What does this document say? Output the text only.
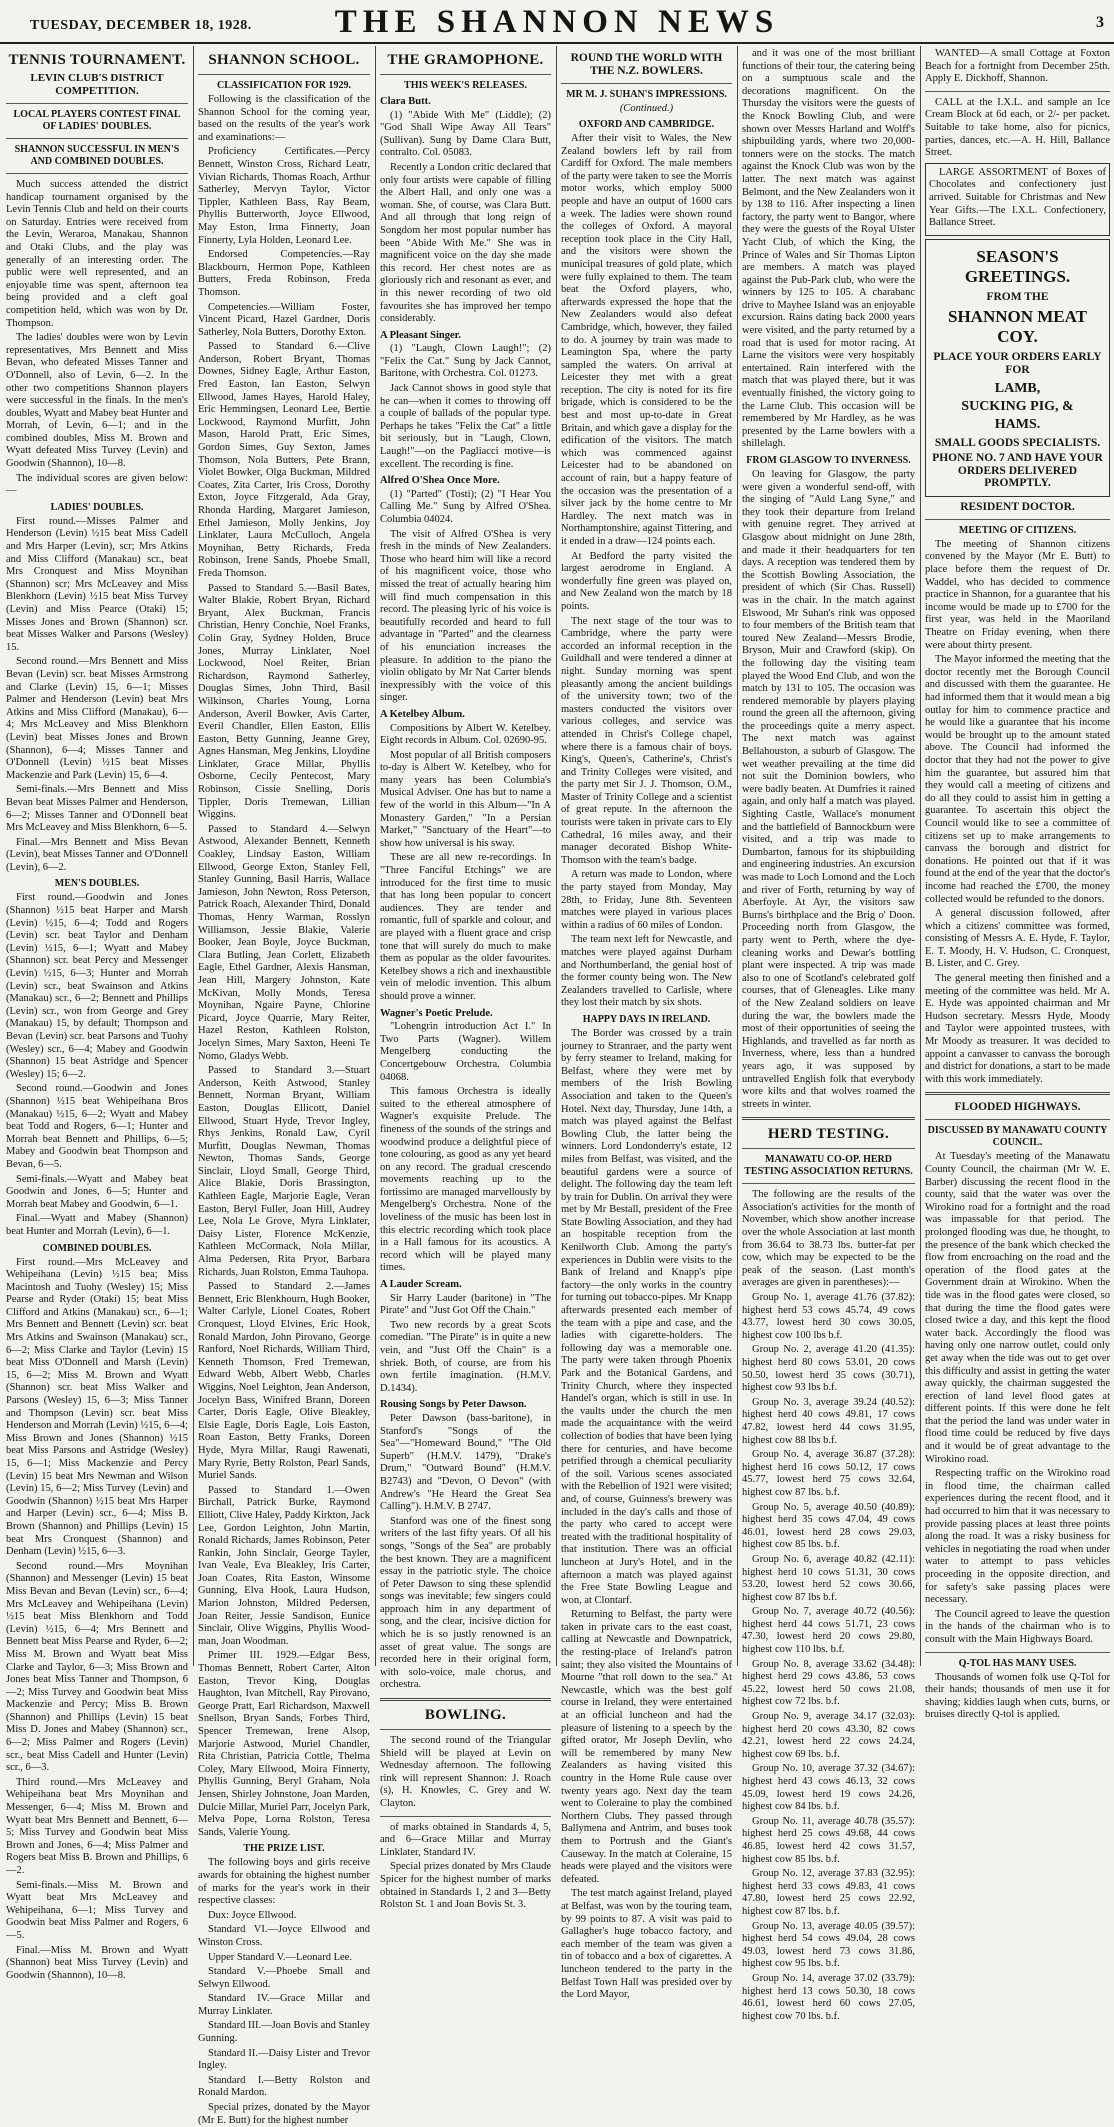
TUESDAY, DECEMBER 18, 1928.	THE SHANNON NEWS	3
TENNIS TOURNAMENT.
LEVIN CLUB'S DISTRICT COMPETITION.
LOCAL PLAYERS CONTEST FINAL OF LADIES' DOUBLES.
SHANNON SUCCESSFUL IN MEN'S AND COMBINED DOUBLES.

Much success attended the district handicap tournament organised by the Levin Tennis Club and held on their courts on Saturday. Entries were received from the Levin, Weraroa, Manakau, Shannon and Otaki Clubs, and the play was generally of an interesting order. The public were well represented, and an enjoyable time was spent, afternoon tea being provided and a cleft goal competition held, which was won by Dr. Thompson.

The ladies' doubles were won by Levin representatives, Mrs Bennett and Miss Bevan, who defeated Misses Tanner and O'Donnell, also of Levin, 6—2. In the other two competitions Shannon players were successful in the finals. In the men's doubles, Wyatt and Mabey beat Hunter and Morrah, of Levin, 6—1; and in the combined doubles, Miss M. Brown and Wyatt defeated Miss Turvey (Levin) and Goodwin (Shannon), 10—8.

The individual scores are given below:—

LADIES' DOUBLES.

First round.—Misses Palmer and Henderson (Levin) ½15 beat Miss Cadell and Mrs Harper (Levin), scr; Mrs Atkins and Miss Clifford (Manakau) scr., beat Mrs Cronquest and Miss Moynihan (Shannon) scr; Mrs McLeavey and Miss Blenkhorn (Levin) ½15 beat Miss Turvey (Levin) and Miss Pearce (Otaki) 15; Misses Jones and Brown (Shannon) scr. beat Misses Walker and Parsons (Wesley) 15.

Second round.—Mrs Bennett and Miss Bevan (Levin) scr. beat Misses Armstrong and Clarke (Levin) 15, 6—1; Misses Palmer and Henderson (Levin) beat Mrs Atkins and Miss Clifford (Manakau), 6—4; Mrs McLeavey and Miss Blenkhorn (Levin) beat Misses Jones and Brown (Shannon), 6—4; Misses Tanner and O'Donnell (Levin) ½15 beat Misses Mackenzie and Park (Levin) 15, 6—4.

Semi-finals.—Mrs Bennett and Miss Bevan beat Misses Palmer and Henderson, 6—2; Misses Tanner and O'Donnell beat Mrs McLeavey and Miss Blenkhorn, 6—5.

Final.—Mrs Bennett and Miss Bevan (Levin), beat Misses Tanner and O'Donnell (Levin), 6—2.

MEN'S DOUBLES.

First round.—Goodwin and Jones (Shannon) ½15 beat Harper and Marsh (Levin) ½15, 6—4; Todd and Rogers (Levin) scr. beat Taylor and Denham (Levin) ½15, 6—1; Wyatt and Mabey (Shannon) scr. beat Percy and Messenger (Levin) ½15, 6—3; Hunter and Morrah (Levin) scr., beat Swainson and Atkins (Manakau) scr., 6—2; Bennett and Phillips (Levin) scr., won from George and Grey (Manakau) 15, by default; Thompson and Bevan (Levin) scr. beat Parsons and Tuohy (Wesley) scr., 6—4; Mabey and Goodwin (Shannon) 15 beat Astridge and Spencer (Wesley) 15; 6—2.

Second round.—Goodwin and Jones (Shannon) ½15 beat Wehipeihana Bros (Manakau) ½15, 6—2; Wyatt and Mabey beat Todd and Rogers, 6—1; Hunter and Morrah beat Bennett and Phillips, 6—5; Mabey and Goodwin beat Thompson and Bevan, 6—5.

Semi-finals.—Wyatt and Mabey beat Goodwin and Jones, 6—5; Hunter and Morrah beat Mabey and Goodwin, 6—1.

Final.—Wyatt and Mabey (Shannon) beat Hunter and Morrah (Levin), 6—1.

COMBINED DOUBLES.

First round.—Mrs McLeavey and Wehipeihana (Levin) ½15 bea; Miss Macintosh and Tuohy (Wesley) 15; Miss Pearse and Ryder (Otaki) 15; beat Miss Clifford and Atkins (Manakau) scr., 6—1; Mrs Bennett and Bennett (Levin) scr. beat Mrs Atkins and Swainson (Manakau) scr., 6—2; Miss Clarke and Taylor (Levin) 15 beat Miss O'Donnell and Marsh (Levin) 15, 6—2; Miss M. Brown and Wyatt (Shannon) scr. beat Miss Walker and Parsons (Wesley) 15, 6—3; Miss Tanner and Thompson (Levin) scr. beat Miss Henderson and Morrah (Levin) ½15, 6—4; Miss Brown and Jones (Shannon) ½15 beat Miss Parsons and Astridge (Wesley) 15, 6—1; Miss Mackenzie and Percy (Levin) 15 beat Mrs Newman and Wilson (Levin) 15, 6—2; Miss Turvey (Levin) and Goodwin (Shannon) ½15 beat Mrs Harper and Harper (Levin) scr., 6—4; Miss B. Brown (Shannon) and Phillips (Levin) 15 beat Mrs Cronquest (Shannon) and Denham (Levin) ½15, 6—3.

Second round.—Mrs Moynihan (Shannon) and Messenger (Levin) 15 beat Miss Bevan and Bevan (Levin) scr., 6—4; Mrs McLeavey and Wehipeihana (Levin) ½15 beat Miss Blenkhorn and Todd (Levin) ½15, 6—4; Mrs Bennett and Bennett beat Miss Pearse and Ryder, 6—2; Miss M. Brown and Wyatt beat Miss Clarke and Taylor, 6—3; Miss Brown and Jones beat Miss Tanner and Thompson, 6—2; Miss Turvey and Goodwin beat Miss Mackenzie and Percy; Miss B. Brown (Shannon) and Phillips (Levin) 15 beat Miss D. Jones and Mabey (Shannon) scr., 6—2; Miss Palmer and Rogers (Levin) scr., beat Miss Cadell and Hunter (Levin) scr., 6—3.

Third round.—Mrs McLeavey and Wehipeihana beat Mrs Moynihan and Messenger, 6—4; Miss M. Brown and Wyatt beat Mrs Bennett and Bennett, 6—5; Miss Turvey and Goodwin beat Miss Brown and Jones, 6—4; Miss Palmer and Rogers beat Miss B. Brown and Phillips, 6—2.

Semi-finals.—Miss M. Brown and Wyatt beat Mrs McLeavey and Wehipeihana, 6—1; Miss Turvey and Goodwin beat Miss Palmer and Rogers, 6—5.

Final.—Miss M. Brown and Wyatt (Shannon) beat Miss Turvey (Levin) and Goodwin (Shannon), 10—8.

SHANNON SCHOOL.
CLASSIFICATION FOR 1929.

Following is the classification of the Shannon School for the coming year, based on the results of the year's work and examinations:—

Proficiency Certificates.—Percy Bennett, Winston Cross, Richard Leatr, Vivian Richards, Thomas Roach, Arthur Satherley, Mervyn Taylor, Victor Tippler, Kathleen Bass, Ray Beam, Phyllis Butterworth, Joyce Ellwood, May Eston, Irma Finnerty, Joan Finnerty, Lyla Holden, Leonard Lee.

Endorsed Competencies.—Ray Blackbourn, Hermon Pope, Kathleen Butters, Freda Robinson, Freda Thomson.

Competencies.—William Foster, Vincent Picard, Hazel Gardner, Doris Satherley, Nola Butters, Dorothy Exton.

Passed to Standard 6.—Clive Anderson, Robert Bryant, Thomas Downes, Sidney Eagle, Arthur Easton, Fred Easton, Ian Easton, Selwyn Ellwood, James Hayes, Harold Haley, Eric Hemmingsen, Leonard Lee, Bertie Lockwood, Raymond Murfitt, John Mason, Harold Pratt, Eric Simes, Gordon Simes, Guy Sexton, James Thomson, Nola Butters, Pete Brann, Violet Bowker, Olga Buckman, Mildred Coates, Zita Carter, Iris Cross, Dorothy Exton, Joyce Fitzgerald, Ada Gray, Rhonda Harding, Margaret Jamieson, Ethel Jamieson, Molly Jenkins, Joy Linklater, Laura McCulloch, Angela Moynihan, Betty Richards, Freda Robinson, Irene Sands, Phoebe Small, Freda Thomson.

Passed to Standard 5.—Basil Bates, Walter Blakie, Robert Bryan, Richard Bryant, Alex Buckman, Francis Christian, Henry Conchie, Noel Franks, Colin Gray, Sydney Holden, Bruce Jones, Murray Linklater, Noel Lockwood, Noel Reiter, Brian Richardson, Raymond Satherley, Douglas Simes, John Third, Basil Wilkinson, Charles Young, Lorna Anderson, Averil Bowker, Avis Carter, Everil Chandler, Ellen Easton, Ellis Easton, Betty Gunning, Jeanne Grey, Agnes Hansman, Meg Jenkins, Lloydine Linklater, Grace Millar, Phyllis Osborne, Cecily Pentecost, Mary Robinson, Cissie Snelling, Doris Tippler, Doris Tremewan, Lillian Wiggins.

Passed to Standard 4.—Selwyn Astwood, Alexander Bennett, Kenneth Coakley, Lindsay Easton, William Ellwood, George Exton, Stanley Fell, Stanley Gunning, Basil Harris, Wallace Jamieson, John Newton, Ross Peterson, Patrick Roach, Alexander Third, Donald Thomas, Henry Warman, Rosslyn Williamson, Jessie Blakie, Valerie Booker, Jean Boyle, Joyce Buckman, Clara Butling, Jean Corlett, Elizabeth Eagle, Ethel Gardner, Alexis Hansman, Jean Hill, Margery Johnston, Kate McKivan, Molly Monds, Teresa Moynihan, Ngaire Payne, Chlorine Picard, Joyce Quarrie, Mary Reiter, Hazel Reston, Kathleen Rolston, Jocelyn Simes, Mary Saxton, Heeni Te Nomo, Gladys Webb.

Passed to Standard 3.—Stuart Anderson, Keith Astwood, Stanley Bennett, Norman Bryant, William Easton, Douglas Ellicott, Daniel Ellwood, Stuart Hyde, Trevor Ingley, Rhys Jenkins, Ronald Law, Cyril Murfitt, Douglas Newman, Thomas Newton, Thomas Sands, George Sinclair, Lloyd Small, George Third, Alice Blakie, Doris Brassington, Kathleen Eagle, Marjorie Eagle, Veran Easton, Beryl Fuller, Joan Hill, Audrey Lee, Nola Le Grove, Myra Linklater, Daisy Lister, Florence McKenzie, Kathleen McCormack, Nola Millar, Alma Pedersen, Rita Pryor, Barbara Richards, Juan Rolston, Emma Tauhopa.

Passed to Standard 2.—James Bennett, Eric Blenkhourn, Hugh Booker, Walter Carlyle, Lionel Coates, Robert Cronquest, Lloyd Elvines, Eric Hook, Ronald Mardon, John Pirovano, George Ranford, Noel Richards, William Third, Kenneth Thomson, Fred Tremewan, Edward Webb, Albert Webb, Charles Wiggins, Noel Leighton, Jean Anderson, Jocelyn Bass, Winifred Brann, Doreen Carter, Doris Eagle, Olive Bleakley, Elsie Eagle, Doris Eagle, Lois Easton, Roan Easton, Betty Franks, Doreen Hyde, Myra Millar, Raugi Rawenati, Mary Ryrie, Betty Rolston, Pearl Sands, Muriel Sands.

Passed to Standard 1.—Owen Birchall, Patrick Burke, Raymond Elliott, Clive Haley, Paddy Kirkton, Jack Lee, Gordon Leighton, John Martin, Ronald Richards, James Robinson, Peter Rankin, John Sinclair, George Tayler, Ivan Veale, Eva Bleakley, Iris Carter, Joan Coates, Rita Easton, Winsome Gunning, Elva Hook, Laura Hudson, Marion Johnston, Mildred Pedersen, Joan Reiter, Jessie Sandison, Eunice Sinclair, Olive Wiggins, Phyllis Wood-man, Joan Woodman.

Primer III. 1929.—Edgar Bess, Thomas Bennett, Robert Carter, Alton Easton, Trevor King, Douglas Haughton, Ivan Mitchell, Ray Pirovano, George Pratt, Earl Richardson, Maxwell Snellson, Bryan Sands, Forbes Third, Spencer Tremewan, Irene Alsop, Marjorie Astwood, Muriel Chandler, Rita Christian, Patricia Cottle, Thelma Coley, Mary Ellwood, Moira Finnerty, Phyllis Gunning, Beryl Graham, Nola Jensen, Shirley Johnstone, Joan Marden, Dulcie Millar, Muriel Parr, Jocelyn Park, Melva Pope, Lorna Rolston, Teresa Sands, Valerie Young.

THE PRIZE LIST.

The following boys and girls receive awards for obtaining the highest number of marks for the year's work in their respective classes:

Dux: Joyce Ellwood.

Standard VI.—Joyce Ellwood and Winston Cross.

Upper Standard V.—Leonard Lee.

Standard V.—Phoebe Small and Selwyn Ellwood.

Standard IV.—Grace Millar and Murray Linklater.

Standard III.—Joan Bovis and Stanley Gunning.

Standard II.—Daisy Lister and Trevor Ingley.

Standard I.—Betty Rolston and Ronald Mardon.

Special prizes, donated by the Mayor (Mr E. Butt) for the highest number

THE GRAMOPHONE.
THIS WEEK'S RELEASES.
Clara Butt.

(1) "Abide With Me" (Liddle); (2) "God Shall Wipe Away All Tears" (Sullivan). Sung by Dame Clara Butt, contralto. Col. 05083.

Recently a London critic declared that only four artists were capable of filling the Albert Hall, and only one was a woman. She, of course, was Clara Butt. And all through that long reign of Songdom her most popular number has been "Abide With Me." She was in magnificent voice on the day she made this record. Her chest notes are as gloriously rich and resonant as ever, and in this newer recording of two old favourites she has improved her tempo considerably.

A Pleasant Singer.

(1) "Laugh, Clown Laugh!"; (2) "Felix the Cat." Sung by Jack Cannot, Baritone, with Orchestra. Col. 01273.

Jack Cannot shows in good style that he can—when it comes to throwing off a couple of ballads of the popular type. Perhaps he takes "Felix the Cat" a little bit seriously, but in "Laugh, Clown, Laugh!"—on the Pagliacci motive—is excellent. The recording is fine.

Alfred O'Shea Once More.

(1) "Parted" (Tosti); (2) "I Hear You Calling Me." Sung by Alfred O'Shea. Columbia 04024.

The visit of Alfred O'Shea is very fresh in the minds of New Zealanders. Those who heard him will like a record of his magnificent voice, those who missed the treat of actually hearing him will find much compensation in this record. The pleasing lyric of his voice is beautifully recorded and heard to full advantage in "Parted" and the clearness of his enunciation increases the pleasure. In addition to the piano the violin obligato by Mr Nat Carter blends inexpressibly with the voice of this singer.

A Ketelbey Album.

Compositions by Albert W. Ketelbey. Eight records in Album. Col. 02690-95.

Most popular of all British composers to-day is Albert W. Ketelbey, who for many years has been Columbia's Musical Adviser. One has but to name a few of the world in this Album—"In A Monastery Garden," "In a Persian Market," "Sanctuary of the Heart"—to show how universal is his sway.

These are all new re-recordings. In "Three Fanciful Etchings" we are introduced for the first time to music that has long been popular to concert audiences. They are tender and romantic, full of sparkle and colour, and are played with a fluent grace and crisp tone that will surely do much to make them as popular as the older favourites. Ketelbey shows a rich and inexhaustible vein of melodic invention. This album should prove a winner.

Wagner's Poetic Prelude.

"Lohengrin introduction Act I." In Two Parts (Wagner). Willem Mengelberg conducting the Concertgebouw Orchestra. Columbia 04068.

This famous Orchestra is ideally suited to the ethereal atmosphere of Wagner's exquisite Prelude. The fineness of the sounds of the strings and woodwind produce a delightful piece of tone colouring, as good as any yet heard on any record. The gradual crescendo movements reaching up to the fortissimo are managed marvellously by Mengelberg's Orchestra. None of the loveliness of the music has been lost in this electric recording which took place in a Hall famous for its acoustics. A record which will be played many times.

A Lauder Scream.

Sir Harry Lauder (baritone) in "The Pirate" and "Just Got Off the Chain."

Two new records by a great Scots comedian. "The Pirate" is in quite a new vein, and "Just Off the Chain" is a shriek. Both, of course, are from his own fertile imagination. (H.M.V. D.1434).

Rousing Songs by Peter Dawson.

Peter Dawson (bass-baritone), in Stanford's "Songs of the Sea"—"Homeward Bound," "The Old Superb" (H.M.V. 1479), "Drake's Drum," "Outward Bound" (H.M.V. B2743) and "Devon, O Devon" (with Andrew's "He Heard the Great Sea Calling"). H.M.V. B 2747.

Stanford was one of the finest song writers of the last fifty years. Of all his songs, "Songs of the Sea" are probably the best known. They are a magnificent essay in the patriotic style. The choice of Peter Dawson to sing these splendid songs was inevitable; few singers could approach him in any department of song, and the clear, incisive diction for which he is so justly renowned is an asset of great value. The songs are recorded here in their original form, with solo-voice, male chorus, and orchestra.

BOWLING.

The second round of the Triangular Shield will be played at Levin on Wednesday afternoon. The following rink will represent Shannon: J. Roach (s), H. Knowles, C. Grey and W. Clayton.

of marks obtained in Standards 4, 5, and 6—Grace Millar and Murray Linklater, Standard IV.

Special prizes donated by Mrs Claude Spicer for the highest number of marks obtained in Standards 1, 2 and 3—Betty Rolston St. 1 and Joan Bovis St. 3.

ROUND THE WORLD WITH THE N.Z. BOWLERS.
MR M. J. SUHAN'S IMPRESSIONS.
(Continued.)
OXFORD AND CAMBRIDGE.

After their visit to Wales, the New Zealand bowlers left by rail from Cardiff for Oxford. The male members of the party were taken to see the Morris motor works, which employ 5000 people and have an output of 1600 cars a week. The ladies were shown round the colleges of Oxford. A mayoral reception took place in the City Hall, and the visitors were shown the municipal treasures of gold plate, which were fully explained to them. The team beat the Oxford players, who, afterwards expressed the hope that the New Zealanders would also defeat Cambridge, which, however, they failed to do. A journey by train was made to Leamington Spa, where the party sampled the waters. On arrival at Leicester they met with a great reception. The city is noted for its fire brigade, which is considered to be the best and most up-to-date in Great Britain, and which gave a display for the edification of the visitors. The match which was commenced against Leicester had to be abandoned on account of rain, but a happy feature of the occasion was the presentation of a silver jack by the home centre to Mr Hardley. The next match was in Northamptonshire, against Tittering, and it ended in a draw—124 points each.

At Bedford the party visited the largest aerodrome in England. A wonderfully fine green was played on, and New Zealand won the match by 18 points.

The next stage of the tour was to Cambridge, where the party were accorded an informal reception in the Guildhall and were tendered a dinner at night. Sunday morning was spent pleasantly among the ancient buildings of the university town; two of the masters conducted the visitors over various colleges, and service was attended in Christ's College chapel, where there is a famous chair of boys. King's, Queen's, Catherine's, Christ's and Trinity Colleges were visited, and the party met Sir J. J. Thomson, O.M., Master of Trinity College and a scientist of great repute. In the afternoon the tourists were taken in private cars to Ely Cathedral, 16 miles away, and their manager decorated Bishop White-Thomson with the team's badge.

A return was made to London, where the party stayed from Monday, May 28th, to Friday, June 8th. Seventeen matches were played in various places within a radius of 60 miles of London.

The team next left for Newcastle, and matches were played against Durham and Northumberland, the genial host of the former county being won. The New Zealanders travelled to Carlisle, where they lost their match by six shots.

HAPPY DAYS IN IRELAND.

The Border was crossed by a train journey to Stranraer, and the party went by ferry steamer to Ireland, making for Belfast, where they were met by members of the Irish Bowling Association and taken to the Queen's Hotel. Next day, Thursday, June 14th, a match was played against the Belfast Bowling Club, the latter being the winners. Lord Londonderry's estate, 12 miles from Belfast, was visited, and the beautiful gardens were a source of delight. The following day the team left by train for Dublin. On arrival they were met by Mr Bestall, president of the Free State Bowling Association, and they had an hospitable reception from the Kenilworth Club. Among the party's experiences in Dublin were visits to the Bank of Ireland and Knapp's pipe factory—the only works in the country for turning out tobacco-pipes. Mr Knapp afterwards presented each member of the team with a pipe and case, and the ladies with cigarette-holders. The following day was a memorable one. The party were taken through Phoenix Park and the Botanical Gardens, and Trinity Church, where they inspected Handel's organ, which is still in use. In the vaults under the church the men made the acquaintance with the weird collection of bodies that have been lying there for centuries, and have become petrified through a chemical peculiarity of the soil. Various scenes associated with the Rebellion of 1921 were visited; and, of course, Guinness's brewery was included in the day's calls and those of the party who cared to accept were treated with the traditional hospitality of that institution. There was an official luncheon at Jury's Hotel, and in the afternoon a match was played against the Free State Bowling League and won, at Clontarf.

Returning to Belfast, the party were taken in private cars to the east coast, calling at Newcastle and Downpatrick, the resting-place of Ireland's patron saint; they also visited the Mountains of Mourne "that roll down to the sea." At Newcastle, which was the best golf course in Ireland, they were entertained at an official luncheon and had the pleasure of listening to a speech by the gifted orator, Mr Joseph Devlin, who will be remembered by many New Zealanders as having visited this country in the Home Rule cause over twenty years ago. Next day the team went to Coleraine to play the combined Northern Clubs. They passed through Ballymena and Antrim, and buses took them to Portrush and the Giant's Causeway. In the match at Coleraine, 15 heads were played and the visitors were defeated.

The test match against Ireland, played at Belfast, was won by the touring team, by 99 points to 87. A visit was paid to Gallagher's huge tobacco factory, and each member of the team was given a tin of tobacco and a box of cigarettes. A luncheon tendered to the party in the Belfast Town Hall was presided over by the Lord Mayor,

and it was one of the most brilliant functions of their tour, the catering being on a sumptuous scale and the decorations magnificent. On the Thursday the visitors were the guests of the Knock Bowling Club, and were shown over Messrs Harland and Wolff's shipbuilding yards, where two 20,000-tonners were on the stocks. The match against the Knock Club was won by the latter. The next match was against Belmont, and the New Zealanders won it by 138 to 116. After inspecting a linen factory, the party went to Bangor, where they were the guests of the Royal Ulster Yacht Club, of which the King, the Prince of Wales and Sir Thomas Lipton are members. A match was played against the Pub-Park club, who were the winners by 125 to 105. A charabanc drive to Mayhee Island was an enjoyable excursion. Rains dating back 2000 years were visited, and the party returned by a road that is used for motor racing. At Larne the visitors were very hospitably entertained. Rain interfered with the match that was played there, but it was eventually finished, the victory going to the Larne Club. This occasion will be remembered by Mr Hardley, as he was presented by the Larne bowlers with a shillelagh.

FROM GLASGOW TO INVERNESS.

On leaving for Glasgow, the party were given a wonderful send-off, with the singing of "Auld Lang Syne," and they took their departure from Ireland with genuine regret. They arrived at Glasgow about midnight on June 28th, and made it their headquarters for ten days. A reception was tendered them by the Scottish Bowling Association, the president of which (Sir Chas. Russell) was in the chair. In the match against Elswood, Mr Suhan's rink was opposed to four members of the British team that toured New Zealand—Messrs Brodie, Bryson, Muir and Crawford (skip). On the following day the visiting team played the Wood End Club, and won the match by 131 to 105. The occasion was rendered memorable by players playing round the green all the afternoon, giving the proceedings quite a merry aspect. The next match was against Bellahouston, a suburb of Glasgow. The wet weather prevailing at the time did not suit the Dominion bowlers, who were badly beaten. At Dumfries it rained again, and only half a match was played. Sighting Castle, Wallace's monument and the battlefield of Bannockburn were visited, and a trip was made to Dumbarton, famous for its shipbuilding and engineering industries. An excursion was made to Loch Lomond and the Loch and river of Forth, returning by way of Aberfoyle. At Ayr, the visitors saw Burns's birthplace and the Brig o' Doon. Proceeding north from Glasgow, the party went to Perth, where the dye-cleaning works and Dewar's bottling plant were inspected. A trip was made also to one of Scotland's celebrated golf courses, that of Gleneagles. Like many of the New Zealand soldiers on leave during the war, the bowlers made the most of their opportunities of seeing the Highlands, and travelled as far north as Inverness, where, less than a hundred years ago, it was supposed by untravelled English folk that everybody wore kilts and that wolves roamed the streets in winter.

HERD TESTING.
MANAWATU CO-OP. HERD TESTING ASSOCIATION RETURNS.

The following are the results of the Association's activities for the month of November, which show another increase over the whole Association at last month from 36.64 to 38.73 lbs. butter-fat per cow, which may be expected to be the peak of the season. (Last month's averages are given in parentheses):—

Group No. 1, average 41.76 (37.82): highest herd 53 cows 45.74, 49 cows 43.77, lowest herd 30 cows 30.05, highest cow 100 lbs b.f.

Group No. 2, average 41.20 (41.35): highest herd 80 cows 53.01, 20 cows 50.50, lowest herd 35 cows (30.71), highest cow 93 lbs b.f.

Group No. 3, average 39.24 (40.52): highest herd 40 cows 49.81, 17 cows 47.82, lowest herd 44 cows 31.95, highest cow 88 lbs b.f.

Group No. 4, average 36.87 (37.28): highest herd 16 cows 50.12, 17 cows 45.77, lowest herd 75 cows 32.64, highest cow 87 lbs. b.f.

Group No. 5, average 40.50 (40.89): highest herd 35 cows 47.04, 49 cows 46.01, lowest herd 28 cows 29.03, highest cow 85 lbs. b.f.

Group No. 6, average 40.82 (42.11): highest herd 10 cows 51.31, 30 cows 53.20, lowest herd 52 cows 30.66, highest cow 87 lbs b.f.

Group No. 7, average 40.72 (40.56): highest herd 44 cows 51.71, 23 cows 47.30, lowest herd 20 cows 29.80, highest cow 110 lbs. b.f.

Group No. 8, average 33.62 (34.48): highest herd 29 cows 43.86, 53 cows 45.22, lowest herd 50 cows 21.08, highest cow 72 lbs. b.f.

Group No. 9, average 34.17 (32.03): highest herd 20 cows 43.30, 82 cows 42.21, lowest herd 22 cows 24.24, highest cow 69 lbs. b.f.

Group No. 10, average 37.32 (34.67): highest herd 43 cows 46.13, 32 cows 45.09, lowest herd 19 cows 24.26, highest cow 84 lbs. b.f.

Group No. 11, average 40.78 (35.57): highest herd 25 cows 49.68, 44 cows 46.85, lowest herd 42 cows 31.57, highest cow 85 lbs. b.f.

Group No. 12, average 37.83 (32.95): highest herd 33 cows 49.83, 41 cows 47.80, lowest herd 25 cows 22.92, highest cow 87 lbs. b.f.

Group No. 13, average 40.05 (39.57): highest herd 54 cows 49.04, 28 cows 49.03, lowest herd 73 cows 31.86, highest cow 95 lbs. b.f.

Group No. 14, average 37.02 (33.79): highest herd 13 cows 50.30, 18 cows 46.61, lowest herd 60 cows 27.05, highest cow 70 lbs. b.f.

WANTED—A small Cottage at Foxton Beach for a fortnight from December 25th. Apply E. Dickhoff, Shannon.

CALL at the I.X.L. and sample an Ice Cream Block at 6d each, or 2/- per packet. Suitable to take home, also for picnics, parties, dances, etc.—A. H. Hill, Ballance Street.

LARGE ASSORTMENT of Boxes of Chocolates and confectionery just arrived. Suitable for Christmas and New Year Gifts.—The I.X.L. Confectionery, Ballance Street.

SEASON'S GREETINGS.
FROM THE
SHANNON MEAT COY.
PLACE YOUR ORDERS EARLY FOR
LAMB,
SUCKING PIG, &
HAMS.
SMALL GOODS SPECIALISTS.
PHONE NO. 7 AND HAVE YOUR ORDERS DELIVERED PROMPTLY.
RESIDENT DOCTOR.
MEETING OF CITIZENS.

The meeting of Shannon citizens convened by the Mayor (Mr E. Butt) to place before them the request of Dr. Waddel, who has decided to commence practice in Shannon, for a guarantee that his income would be made up to £700 for the first year, was held in the Maoriland Theatre on Friday evening, when there were about thirty present.

The Mayor informed the meeting that the doctor recently met the Borough Council and discussed with them the guarantee. He had informed them that it would mean a big outlay for him to commence practice and he would like a guarantee that his income would be brought up to the amount stated above. The Council had informed the doctor that they had not the power to give him the guarantee, but assured him that they would call a meeting of citizens and do all they could to assist him in getting a guarantee. To ascertain this object the Council would like to see a committee of citizens set up to make arrangements to canvass the borough and district for donations. He pointed out that if it was found at the end of the year that the doctor's income had reached the £700, the money collected would be refunded to the donors.

A general discussion followed, after which a citizens' committee was formed, consisting of Messrs A. E. Hyde, F. Taylor, E. T. Moody, H. V. Hudson, C. Cronquest, B. Lister, and C. Grey.

The general meeting then finished and a meeting of the committee was held. Mr A. E. Hyde was appointed chairman and Mr Hudson secretary. Messrs Hyde, Moody and Taylor were appointed trustees, with Mr Moody as treasurer. It was decided to appoint a canvasser to canvass the borough and district for donations, a start to be made with this work immediately.

FLOODED HIGHWAYS.
DISCUSSED BY MANAWATU COUNTY COUNCIL.

At Tuesday's meeting of the Manawatu County Council, the chairman (Mr W. E. Barber) discussing the recent flood in the county, said that the water was over the Wirokino road for a fortnight and the road was impassable for that period. The prolonged flooding was due, he thought, to the presence of the bank which checked the flow from encroaching on the road and the operation of the flood gates at the Government drain at Wirokino. When the tide was in the flood gates were closed, so that during the time the flood gates were closed twice a day, and this kept the flood water back. Accordingly the flood was having only one narrow outlet, could only get away when the tide was out to get over this difficulty and assist in getting the water away quickly, the chairman suggested the erection of land level flood gates at different points. If this were done he felt that the period the land was under water in flood time could be reduced by five days and it would be of great advantage to the Wirokino road.

Respecting traffic on the Wirokino road in flood time, the chairman called experiences during the recent flood, and it had occurred to him that it was necessary to provide passing places at least three points along the road. It was a risky business for vehicles in negotiating the road when under water to attempt to pass vehicles proceeding in the opposite direction, and for safety's sake passing places were necessary.

The Council agreed to leave the question in the hands of the chairman who is to consult with the Main Highways Board.

Q-TOL HAS MANY USES.

Thousands of women folk use Q-Tol for their hands; thousands of men use it for shaving; kiddies laugh when cuts, burns, or bruises directly Q-tol is applied.
